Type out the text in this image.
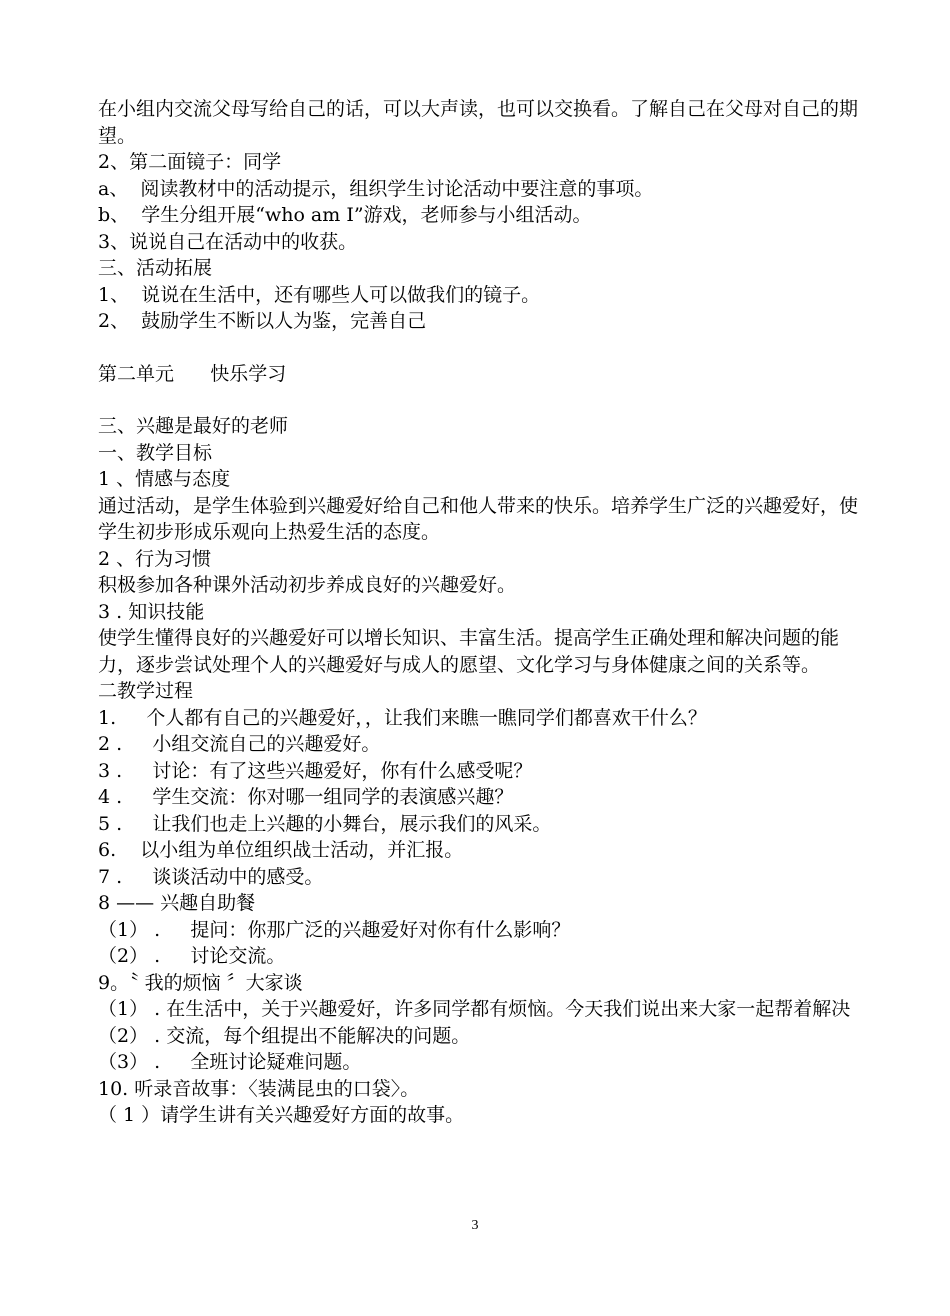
在小组内交流父母写给自己的话，可以大声读，也可以交换看。了解自己在父母对自己的期望。

2、第二面镜子：同学

a、  阅读教材中的活动提示，组织学生讨论活动中要注意的事项。

b、  学生分组开展“who am I”游戏，老师参与小组活动。

3、说说自己在活动中的收获。

三、活动拓展

1、  说说在生活中，还有哪些人可以做我们的镜子。

2、  鼓励学生不断以人为鉴，完善自己

第二单元      快乐学习

三、兴趣是最好的老师

一、教学目标

1 、情感与态度

通过活动，是学生体验到兴趣爱好给自己和他人带来的快乐。培养学生广泛的兴趣爱好，使学生初步形成乐观向上热爱生活的态度。

2 、行为习惯

积极参加各种课外活动初步养成良好的兴趣爱好。

3 . 知识技能

使学生懂得良好的兴趣爱好可以增长知识、丰富生活。提高学生正确处理和解决问题的能力，逐步尝试处理个人的兴趣爱好与成人的愿望、文化学习与身体健康之间的关系等。

二教学过程

1.     个人都有自己的兴趣爱好，，让我们来瞧一瞧同学们都喜欢干什么？

2 .     小组交流自己的兴趣爱好。

3 .     讨论：有了这些兴趣爱好，你有什么感受呢？

4 .     学生交流：你对哪一组同学的表演感兴趣？

5 .     让我们也走上兴趣的小舞台，展示我们的风采。

6.    以小组为单位组织战士活动，并汇报。

7 .     谈谈活动中的感受。

8 —— 兴趣自助餐

（1） .     提问：你那广泛的兴趣爱好对你有什么影响？

（2） .     讨论交流。

9。〝 我的烦恼 〞大家谈

（1） . 在生活中，关于兴趣爱好，许多同学都有烦恼。今天我们说出来大家一起帮着解决

（2） . 交流，每个组提出不能解决的问题。

（3） .     全班讨论疑难问题。

10. 听录音故事：〈装满昆虫的口袋〉。

（ 1 ）请学生讲有关兴趣爱好方面的故事。

3
